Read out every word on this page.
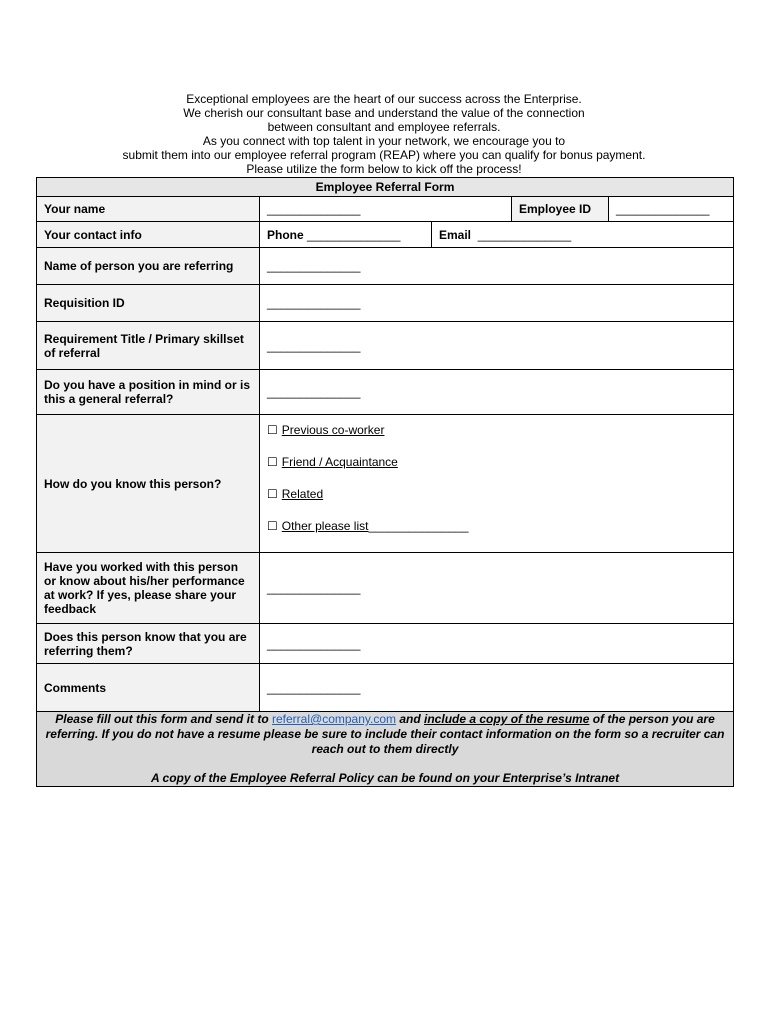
Exceptional employees are the heart of our success across the Enterprise.
We cherish our consultant base and understand the value of the connection
between consultant and employee referrals.
As you connect with top talent in your network, we encourage you to
submit them into our employee referral program (REAP) where you can qualify for bonus payment.
Please utilize the form below to kick off the process!
Employee Referral Form				
Your name	______________		Employee ID	______________
Your contact info	Phone ______________	Email ______________		
Name of person you are referring	______________			
Requisition ID	______________			
Requirement Title / Primary skillset of referral	______________			
Do you have a position in mind or is this a general referral?	______________			
How do you know this person?	☐ Previous co-worker
☐ Friend / Acquaintance
☐ Related
☐ Other please list_______________			

Have you worked with this person or know about his/her performance at work? If yes, please share your feedback	______________			
Does this person know that you are referring them?	______________			
Comments	______________			

Please fill out this form and send it to referral@company.com and include a copy of the resume of the person you are referring. If you do not have a resume please be sure to include their contact information on the form so a recruiter can reach out to them directly
A copy of the Employee Referral Policy can be found on your Enterprise’s Intranet				
